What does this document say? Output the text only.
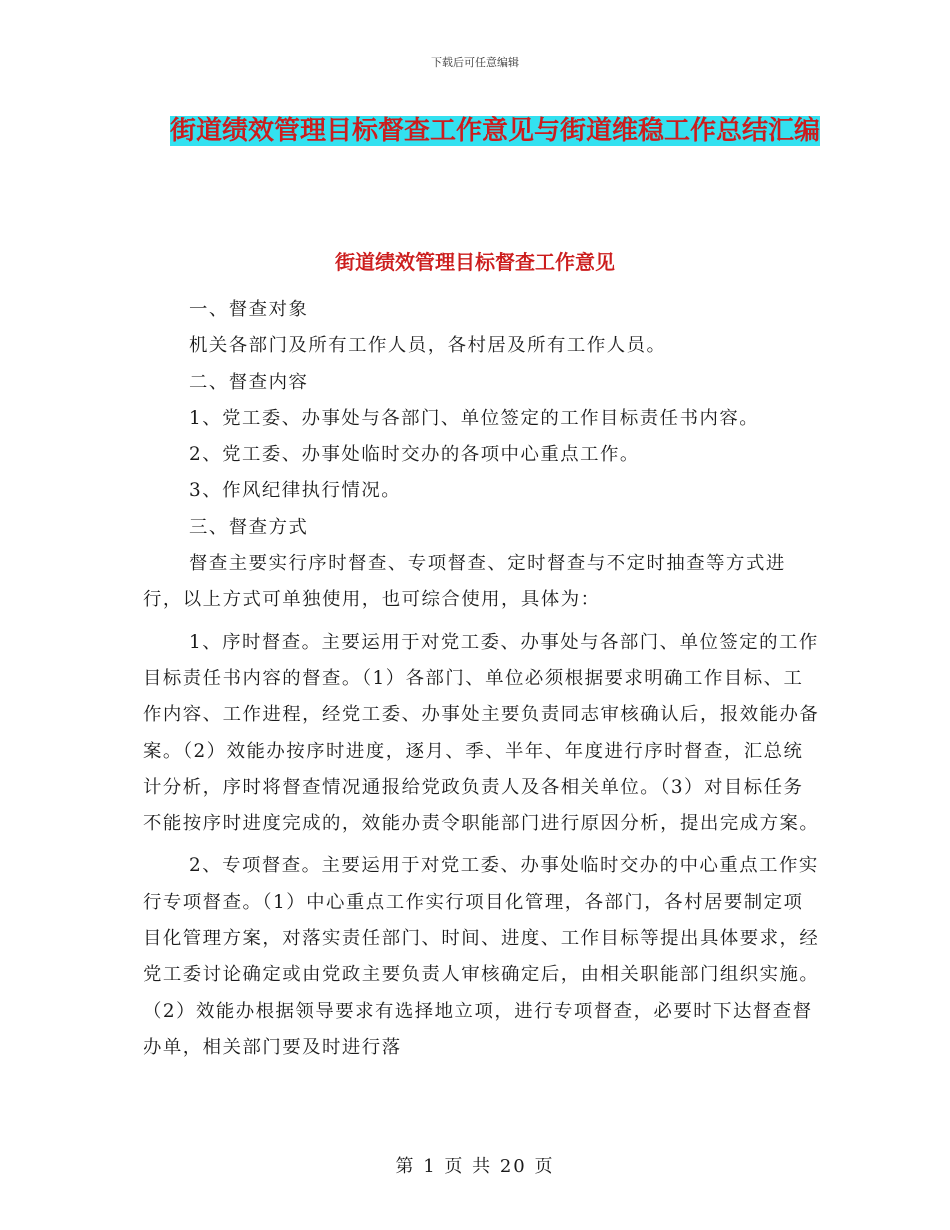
下载后可任意编辑
街道绩效管理目标督查工作意见与街道维稳工作总结汇编
街道绩效管理目标督查工作意见

一、督查对象

机关各部门及所有工作人员，各村居及所有工作人员。

二、督查内容

1、党工委、办事处与各部门、单位签定的工作目标责任书内容。

2、党工委、办事处临时交办的各项中心重点工作。

3、作风纪律执行情况。

三、督查方式

督查主要实行序时督查、专项督查、定时督查与不定时抽查等方式进行，以上方式可单独使用，也可综合使用，具体为：

1、序时督查。主要运用于对党工委、办事处与各部门、单位签定的工作目标责任书内容的督查。（1）各部门、单位必须根据要求明确工作目标、工作内容、工作进程，经党工委、办事处主要负责同志审核确认后，报效能办备案。（2）效能办按序时进度，逐月、季、半年、年度进行序时督查，汇总统计分析，序时将督查情况通报给党政负责人及各相关单位。（3）对目标任务不能按序时进度完成的，效能办责令职能部门进行原因分析，提出完成方案。

2、专项督查。主要运用于对党工委、办事处临时交办的中心重点工作实行专项督查。（1）中心重点工作实行项目化管理，各部门，各村居要制定项目化管理方案，对落实责任部门、时间、进度、工作目标等提出具体要求，经党工委讨论确定或由党政主要负责人审核确定后，由相关职能部门组织实施。（2）效能办根据领导要求有选择地立项，进行专项督查，必要时下达督查督办单，相关部门要及时进行落

第 1 页 共 20 页
